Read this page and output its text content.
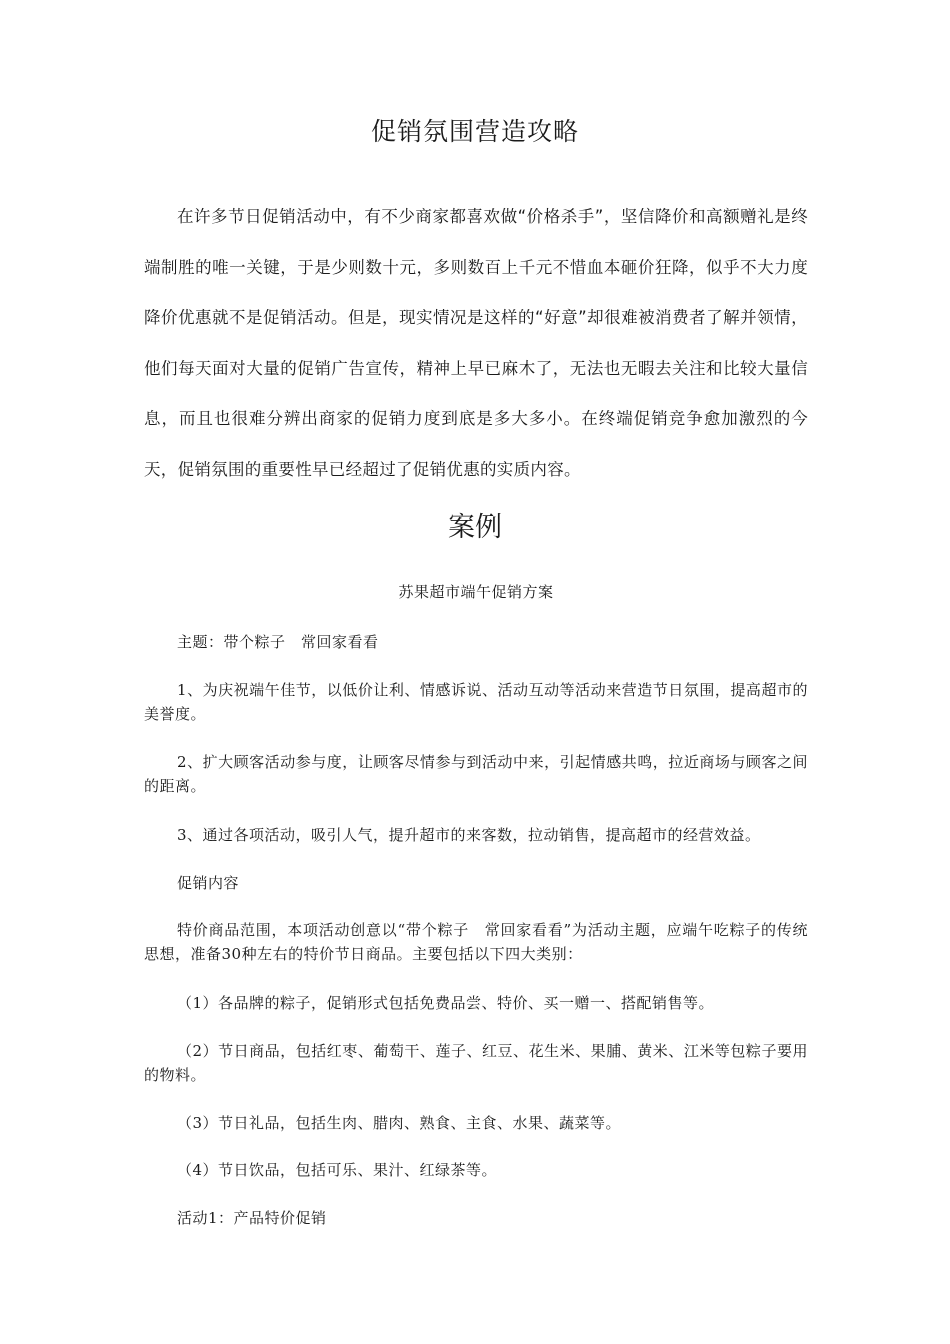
促销氛围营造攻略

在许多节日促销活动中，有不少商家都喜欢做“价格杀手”，坚信降价和高额赠礼是终端制胜的唯一关键，于是少则数十元，多则数百上千元不惜血本砸价狂降，似乎不大力度降价优惠就不是促销活动。但是，现实情况是这样的“好意”却很难被消费者了解并领情，他们每天面对大量的促销广告宣传，精神上早已麻木了，无法也无暇去关注和比较大量信息，而且也很难分辨出商家的促销力度到底是多大多小。在终端促销竞争愈加激烈的今天，促销氛围的重要性早已经超过了促销优惠的实质内容。

案例

苏果超市端午促销方案

主题：带个粽子　常回家看看

1、为庆祝端午佳节，以低价让利、情感诉说、活动互动等活动来营造节日氛围，提高超市的美誉度。

2、扩大顾客活动参与度，让顾客尽情参与到活动中来，引起情感共鸣，拉近商场与顾客之间的距离。

3、通过各项活动，吸引人气，提升超市的来客数，拉动销售，提高超市的经营效益。

促销内容

特价商品范围，本项活动创意以“带个粽子　常回家看看”为活动主题，应端午吃粽子的传统思想，准备30种左右的特价节日商品。主要包括以下四大类别：

（1）各品牌的粽子，促销形式包括免费品尝、特价、买一赠一、搭配销售等。

（2）节日商品，包括红枣、葡萄干、莲子、红豆、花生米、果脯、黄米、江米等包粽子要用的物料。

（3）节日礼品，包括生肉、腊肉、熟食、主食、水果、蔬菜等。

（4）节日饮品，包括可乐、果汁、红绿茶等。

活动1：产品特价促销
